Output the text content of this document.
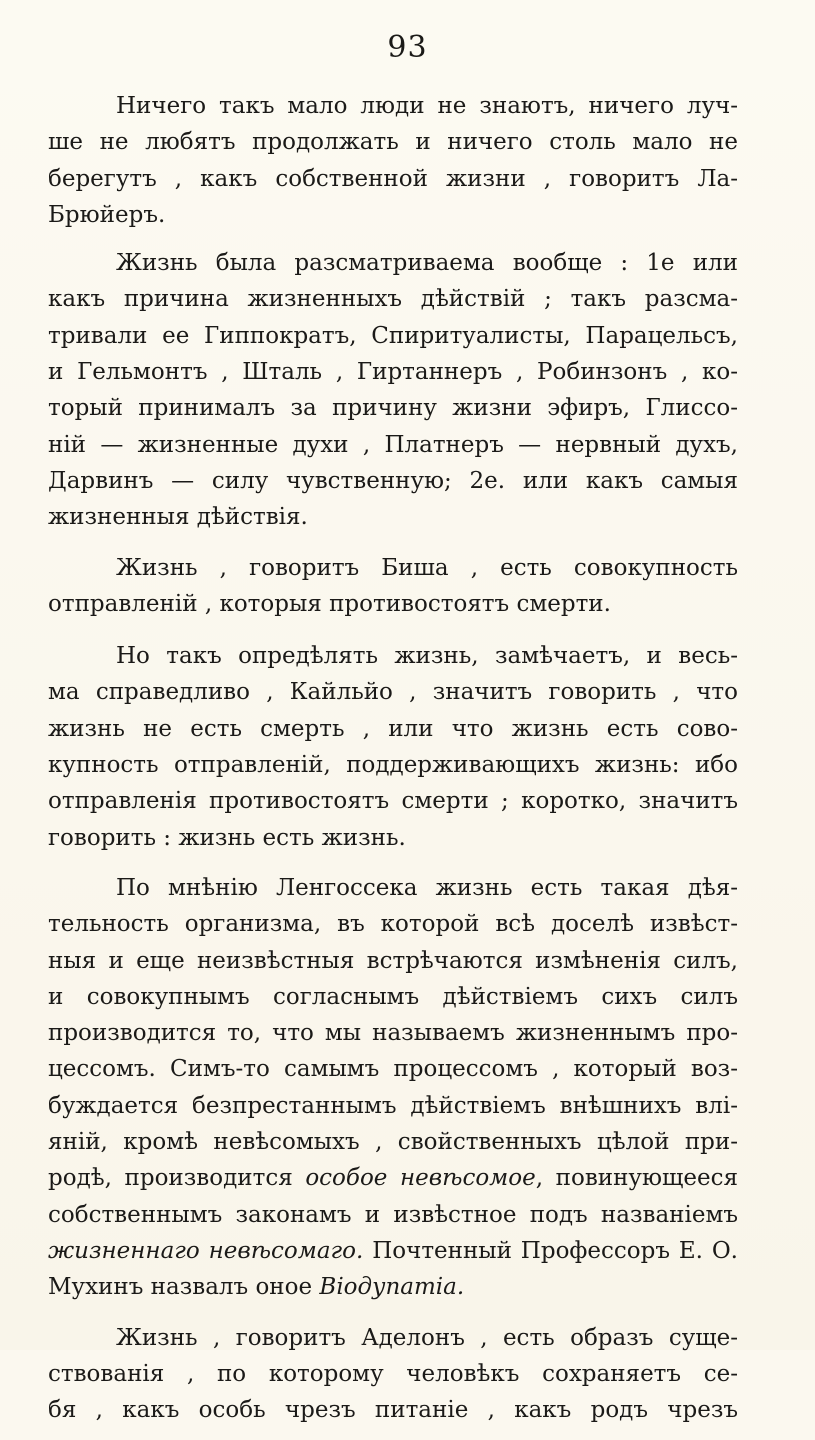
93

Ничего такъ мало люди не знаютъ, ничего луч-
ше не любятъ продолжать и ничего столь мало не
берегутъ , какъ собственной жизни , говоритъ Ла-
Брюйеръ.

Жизнь была разсматриваема вообще : 1е или
какъ причина жизненныхъ дѣйствій ; такъ разсма-
тривали ее Гиппократъ, Спиритуалисты, Парацельсъ,
и Гельмонтъ , Шталь , Гиртаннеръ , Робинзонъ , ко-
торый принималъ за причину жизни эфиръ, Глиссо-
ній — жизненные духи , Платнеръ — нервный духъ,
Дарвинъ — силу чувственную; 2е. или какъ самыя
жизненныя дѣйствія.

Жизнь , говоритъ Биша , есть совокупность
отправленій , которыя противостоятъ смерти.

Но такъ опредѣлять жизнь, замѣчаетъ, и весь-
ма справедливо , Кайльйо , значитъ говорить , что
жизнь не есть смерть , или что жизнь есть сово-
купность отправленій, поддерживающихъ жизнь: ибо
отправленія противостоятъ смерти ; коротко, значитъ
говорить : жизнь есть жизнь.

По мнѣнію Ленгоссека жизнь есть такая дѣя-
тельность организма, въ которой всѣ доселѣ извѣст-
ныя и еще неизвѣстныя встрѣчаются измѣненія силъ,
и совокупнымъ согласнымъ дѣйствіемъ сихъ силъ
производится то, что мы называемъ жизненнымъ про-
цессомъ. Симъ-то самымъ процессомъ , который воз-
буждается безпрестаннымъ дѣйствіемъ внѣшнихъ влі-
яній, кромѣ невѣсомыхъ , свойственныхъ цѣлой при-
родѣ, производится особое невѣсомое, повинующееся
собственнымъ законамъ и извѣстное подъ названіемъ
жизненнаго невѣсомаго. Почтенный Профессоръ Е. О.
Мухинъ назвалъ оное Віодупатіа.

Жизнь , говоритъ Аделонъ , есть образъ суще-
ствованія , по которому человѣкъ сохраняетъ се-
бя , какъ особь чрезъ питаніе , какъ родъ чрезъ
